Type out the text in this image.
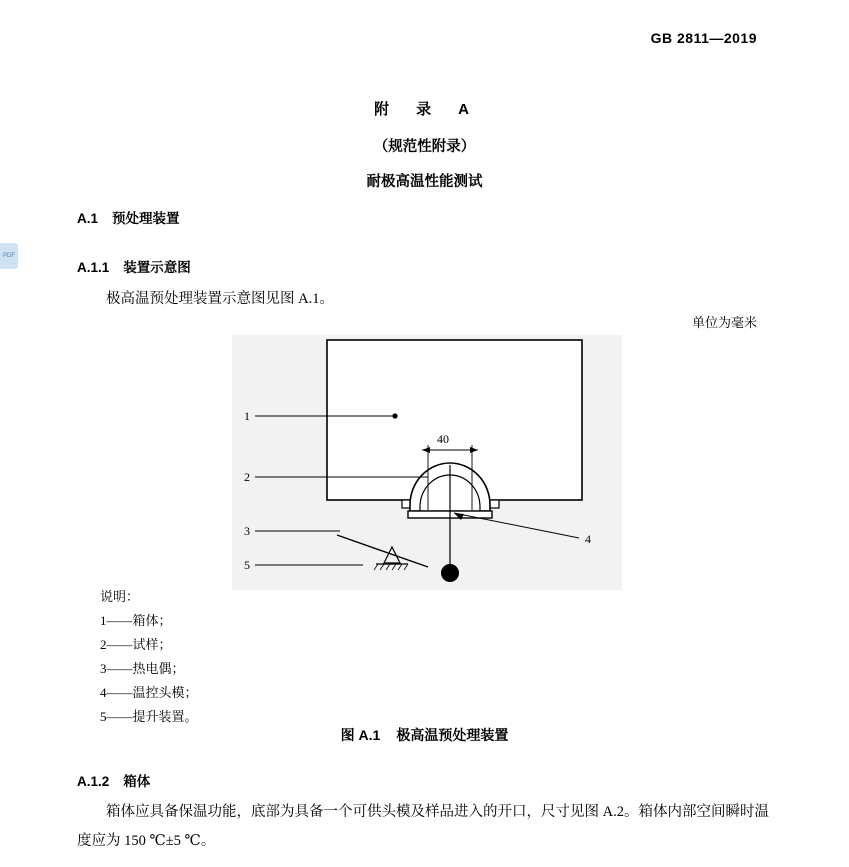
PDF
GB 2811—2019
附　录　A
（规范性附录）
耐极高温性能测试
A.1 预处理装置
A.1.1 装置示意图
极高温预处理装置示意图见图 A.1。
单位为毫米
1
2
3
5
4
40
说明：
1——箱体；
2——试样；
3——热电偶；
4——温控头模；
5——提升装置。
图 A.1 极高温预处理装置
A.1.2 箱体
箱体应具备保温功能，底部为具备一个可供头模及样品进入的开口，尺寸见图 A.2。箱体内部空间瞬时温度应为 150 ℃±5 ℃。
